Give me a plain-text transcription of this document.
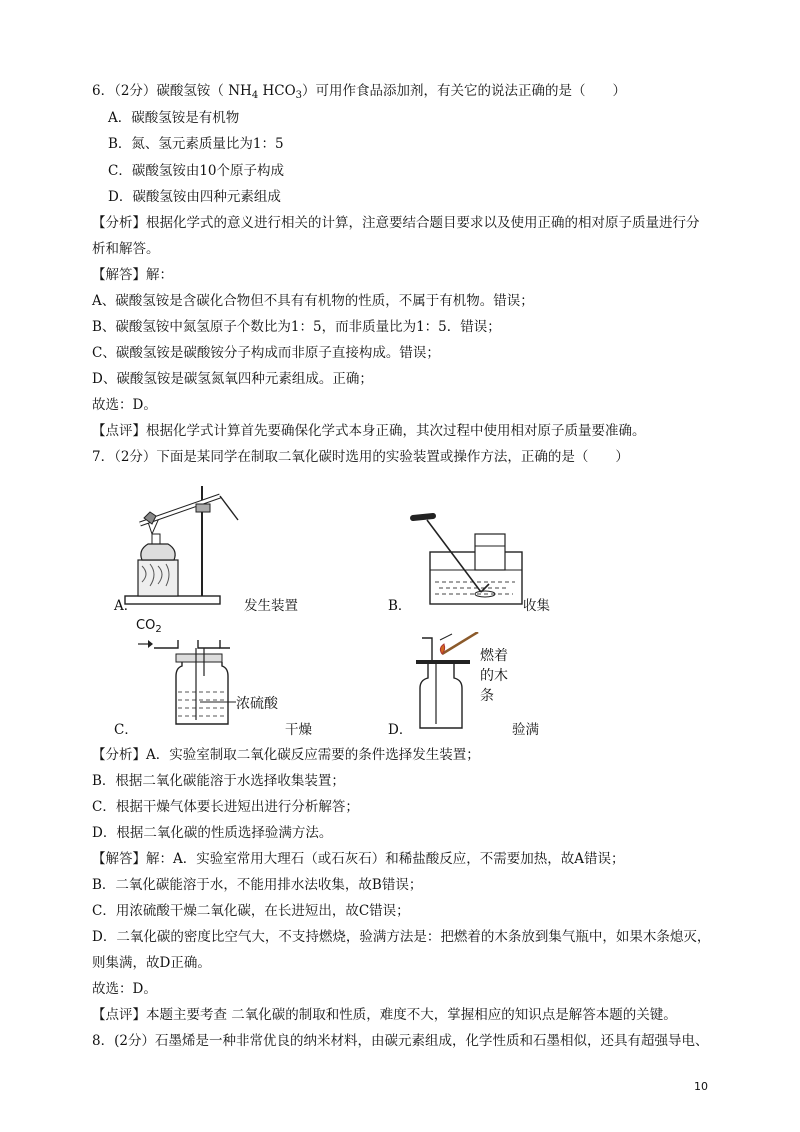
6．（2分）碳酸氢铵（ $NH_4$ $HCO_3$）可用作食品添加剂，有关它的说法正确的是（　　）
A．碳酸氢铵是有机物
B．氮、氢元素质量比为1：5
C．碳酸氢铵由10个原子构成
D．碳酸氢铵由四种元素组成
【分析】根据化学式的意义进行相关的计算，注意要结合题目要求以及使用正确的相对原子质量进行分
析和解答。
【解答】解：
A、碳酸氢铵是含碳化合物但不具有有机物的性质，不属于有机物。错误；
B、碳酸氢铵中氮氢原子个数比为1：5，而非质量比为1：5．错误；
C、碳酸氢铵是碳酸铵分子构成而非原子直接构成。错误；
D、碳酸氢铵是碳氢氮氧四种元素组成。正确；
故选：D。
【点评】根据化学式计算首先要确保化学式本身正确，其次过程中使用相对原子质量要准确。
7．（2分）下面是某同学在制取二氧化碳时选用的实验装置或操作方法，正确的是（　　）
A．	发生装置	B．	收集
$CO_2$
浓硫酸
C．	干燥
燃着
的木
条
D．	验满
【分析】A．实验室制取二氧化碳反应需要的条件选择发生装置；
B．根据二氧化碳能溶于水选择收集装置；
C．根据干燥气体要长进短出进行分析解答；
D．根据二氧化碳的性质选择验满方法。
【解答】解：A．实验室常用大理石（或石灰石）和稀盐酸反应，不需要加热，故A错误；
B．二氧化碳能溶于水，不能用排水法收集，故B错误；
C．用浓硫酸干燥二氧化碳，在长进短出，故C错误；
D．二氧化碳的密度比空气大，不支持燃烧，验满方法是：把燃着的木条放到集气瓶中，如果木条熄灭，
则集满，故D正确。
故选：D。
【点评】本题主要考查 二氧化碳的制取和性质，难度不大，掌握相应的知识点是解答本题的关键。
8．(2分）石墨烯是一种非常优良的纳米材料，由碳元素组成，化学性质和石墨相似，还具有超强导电、
10
